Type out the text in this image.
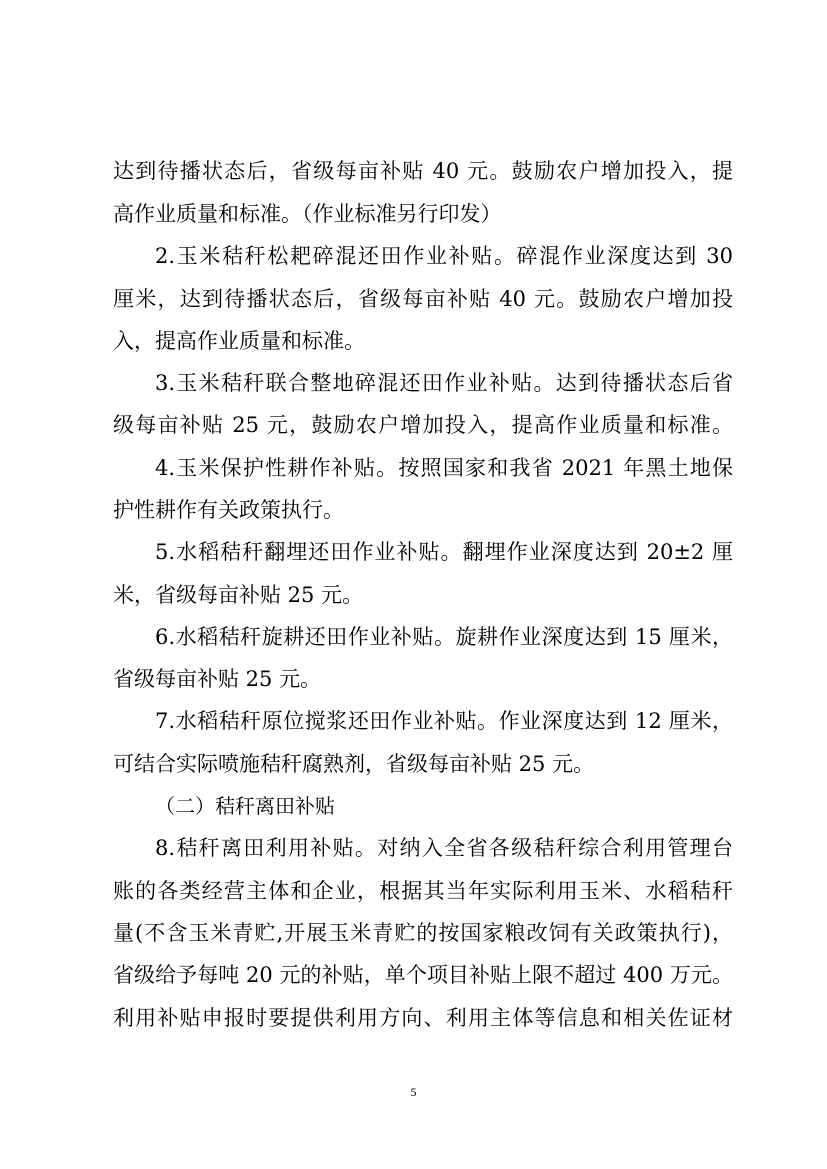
达到待播状态后，省级每亩补贴 40 元。鼓励农户增加投入，提
高作业质量和标准。（作业标准另行印发）
2.玉米秸秆松耙碎混还田作业补贴。碎混作业深度达到 30
厘米，达到待播状态后，省级每亩补贴 40 元。鼓励农户增加投
入，提高作业质量和标准。
3.玉米秸秆联合整地碎混还田作业补贴。达到待播状态后省
级每亩补贴 25 元，鼓励农户增加投入，提高作业质量和标准。
4.玉米保护性耕作补贴。按照国家和我省 2021 年黑土地保
护性耕作有关政策执行。
5.水稻秸秆翻埋还田作业补贴。翻埋作业深度达到 20±2 厘
米，省级每亩补贴 25 元。
6.水稻秸秆旋耕还田作业补贴。旋耕作业深度达到 15 厘米，
省级每亩补贴 25 元。
7.水稻秸秆原位搅浆还田作业补贴。作业深度达到 12 厘米，
可结合实际喷施秸秆腐熟剂，省级每亩补贴 25 元。
（二）秸秆离田补贴
8.秸秆离田利用补贴。对纳入全省各级秸秆综合利用管理台
账的各类经营主体和企业，根据其当年实际利用玉米、水稻秸秆
量(不含玉米青贮,开展玉米青贮的按国家粮改饲有关政策执行)，
省级给予每吨 20 元的补贴，单个项目补贴上限不超过 400 万元。
利用补贴申报时要提供利用方向、利用主体等信息和相关佐证材
5
